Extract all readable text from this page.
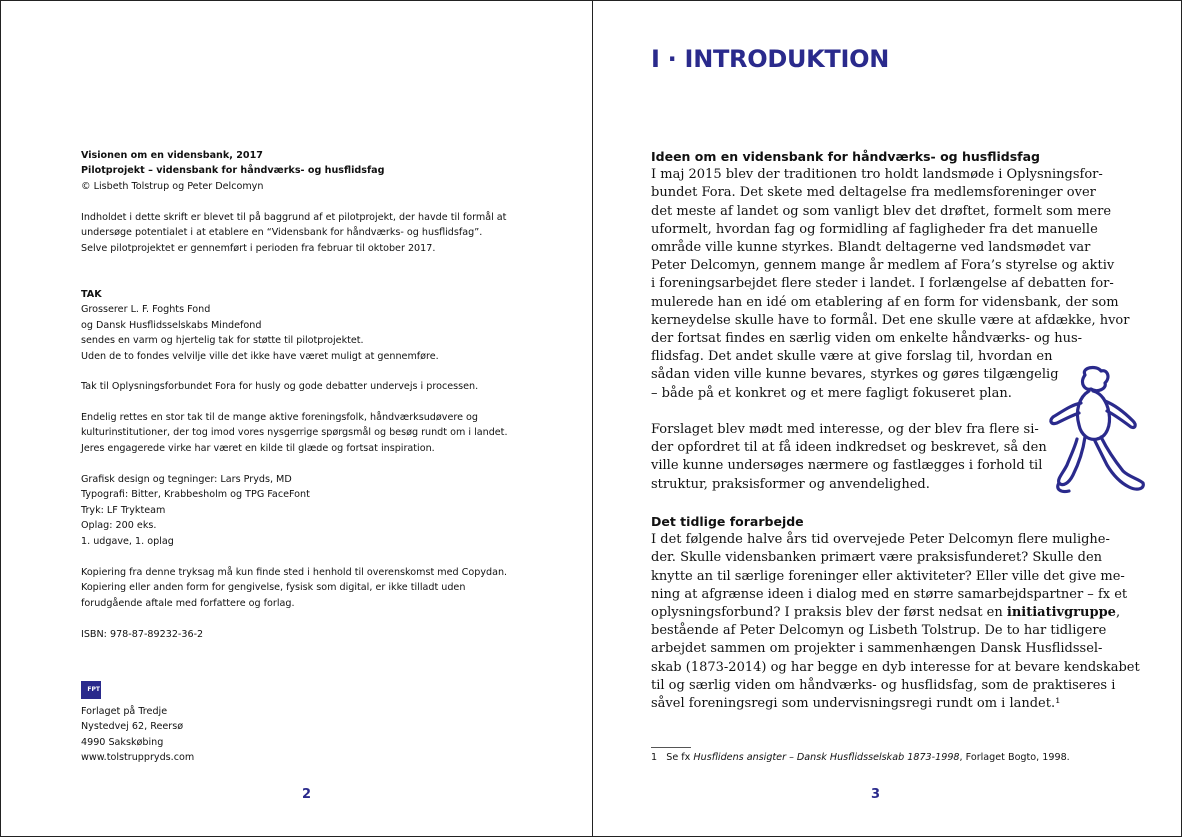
Visionen om en vidensbank, 2017
Pilotprojekt – vidensbank for håndværks- og husflidsfag
© Lisbeth Tolstrup og Peter Delcomyn
Indholdet i dette skrift er blevet til på baggrund af et pilotprojekt, der havde til formål at
undersøge potentialet i at etablere en “Vidensbank for håndværks- og husflidsfag”.
Selve pilotprojektet er gennemført i perioden fra februar til oktober 2017.
TAK
Grosserer L. F. Foghts Fond
og Dansk Husflidsselskabs Mindefond
sendes en varm og hjertelig tak for støtte til pilotprojektet.
Uden de to fondes velvilje ville det ikke have været muligt at gennemføre.
Tak til Oplysningsforbundet Fora for husly og gode debatter undervejs i processen.
Endelig rettes en stor tak til de mange aktive foreningsfolk, håndværksudøvere og
kulturinstitutioner, der tog imod vores nysgerrige spørgsmål og besøg rundt om i landet.
Jeres engagerede virke har været en kilde til glæde og fortsat inspiration.
Grafisk design og tegninger: Lars Pryds, MD
Typografi: Bitter, Krabbesholm og TPG FaceFont
Tryk: LF Trykteam
Oplag: 200 eks.
1. udgave, 1. oplag
Kopiering fra denne tryksag må kun finde sted i henhold til overenskomst med Copydan.
Kopiering eller anden form for gengivelse, fysisk som digital, er ikke tilladt uden
forudgående aftale med forfattere og forlag.
ISBN: 978-87-89232-36-2
FPT
Forlaget på Tredje
Nystedvej 62, Reersø
4990 Sakskøbing
www.tolstruppryds.com
2
I · INTRODUKTION
Ideen om en vidensbank for håndværks- og husflidsfag
I maj 2015 blev der traditionen tro holdt landsmøde i Oplysningsfor-
bundet Fora. Det skete med deltagelse fra medlemsforeninger over
det meste af landet og som vanligt blev det drøftet, formelt som mere
uformelt, hvordan fag og formidling af fagligheder fra det manuelle
område ville kunne styrkes. Blandt deltagerne ved landsmødet var
Peter Delcomyn, gennem mange år medlem af Fora’s styrelse og aktiv
i foreningsarbejdet flere steder i landet. I forlængelse af debatten for-
mulerede han en idé om etablering af en form for vidensbank, der som
kerneydelse skulle have to formål. Det ene skulle være at afdække, hvor
der fortsat findes en særlig viden om enkelte håndværks- og hus-
flidsfag. Det andet skulle være at give forslag til, hvordan en
sådan viden ville kunne bevares, styrkes og gøres tilgængelig
– både på et konkret og et mere fagligt fokuseret plan.
Forslaget blev mødt med interesse, og der blev fra flere si-
der opfordret til at få ideen indkredset og beskrevet, så den
ville kunne undersøges nærmere og fastlægges i forhold til
struktur, praksisformer og anvendelighed.
Det tidlige forarbejde
I det følgende halve års tid overvejede Peter Delcomyn flere mulighe-
der. Skulle vidensbanken primært være praksisfunderet? Skulle den
knytte an til særlige foreninger eller aktiviteter? Eller ville det give me-
ning at afgrænse ideen i dialog med en større samarbejdspartner – fx et
oplysningsforbund? I praksis blev der først nedsat en initiativgruppe,
bestående af Peter Delcomyn og Lisbeth Tolstrup. De to har tidligere
arbejdet sammen om projekter i sammenhængen Dansk Husflidssel-
skab (1873-2014) og har begge en dyb interesse for at bevare kendskabet
til og særlig viden om håndværks- og husflidsfag, som de praktiseres i
såvel foreningsregi som undervisningsregi rundt om i landet.¹
1 Se fx Husflidens ansigter – Dansk Husflidsselskab 1873-1998, Forlaget Bogto, 1998.
3
